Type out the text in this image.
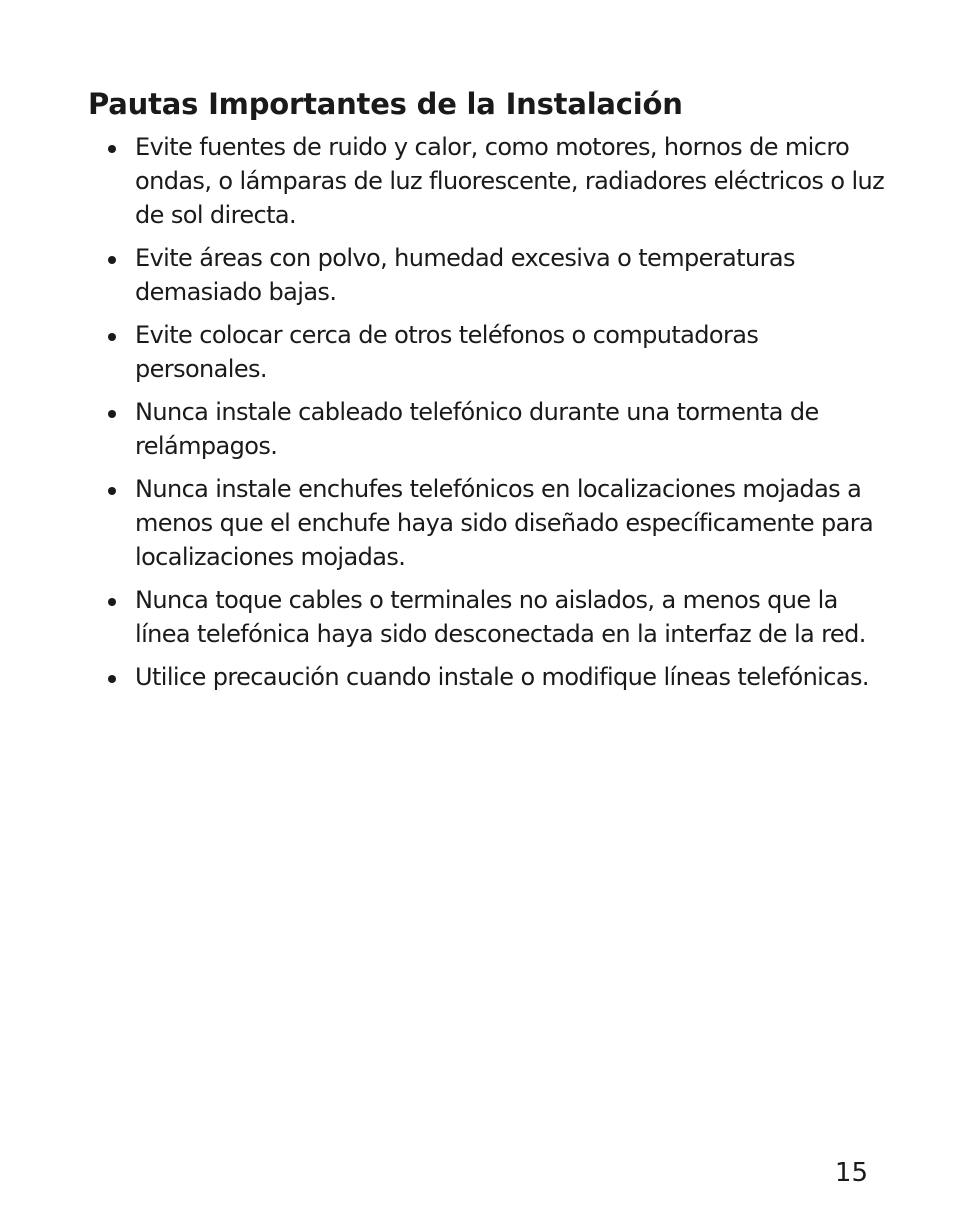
Pautas Importantes de la Instalación
Evite fuentes de ruido y calor, como motores, hornos de micro ondas, o lámparas de luz fluorescente, radiadores eléctricos o luz de sol directa.
Evite áreas con polvo, humedad excesiva o temperaturas demasiado bajas.
Evite colocar cerca de otros teléfonos o computadoras personales.
Nunca instale cableado telefónico durante una tormenta de relámpagos.
Nunca instale enchufes telefónicos en localizaciones mojadas a menos que el enchufe haya sido diseñado específicamente para localizaciones mojadas.
Nunca toque cables o terminales no aislados, a menos que la línea telefónica haya sido desconectada en la interfaz de la red.
Utilice precaución cuando instale o modifique líneas telefónicas.
15
